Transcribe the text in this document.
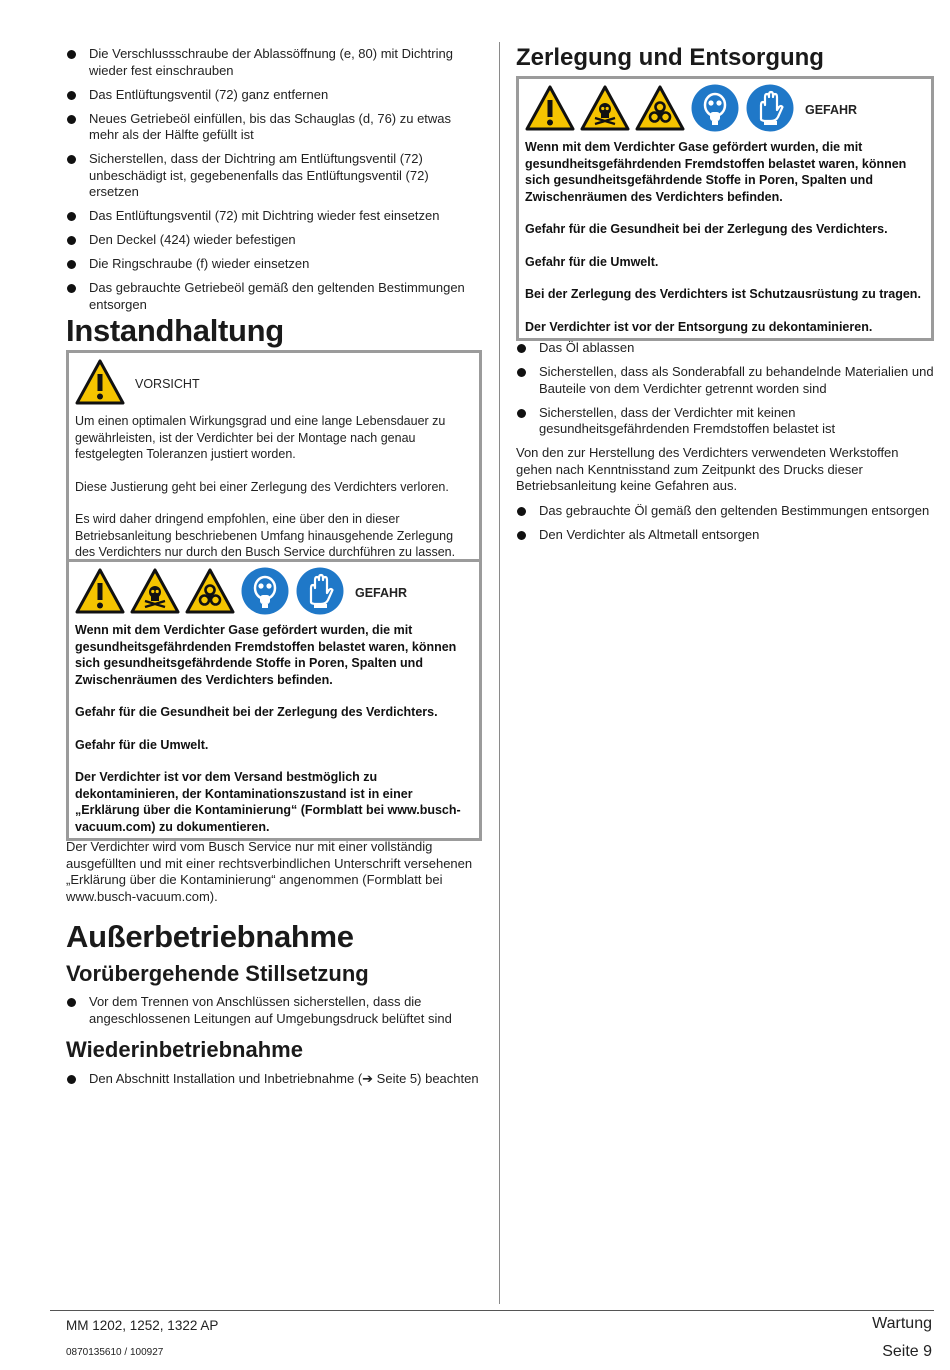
Die Verschlussschraube der Ablassöffnung (e, 80) mit Dichtring wieder fest einschrauben
Das Entlüftungsventil (72) ganz entfernen
Neues Getriebeöl einfüllen, bis das Schauglas (d, 76) zu etwas mehr als der Hälfte gefüllt ist
Sicherstellen, dass der Dichtring am Entlüftungsventil (72) unbeschädigt ist, gegebenenfalls das Entlüftungsventil (72) ersetzen
Das Entlüftungsventil (72) mit Dichtring wieder fest einsetzen
Den Deckel (424) wieder befestigen
Die Ringschraube (f) wieder einsetzen
Das gebrauchte Getriebeöl gemäß den geltenden Bestimmungen entsorgen
Instandhaltung
VORSICHT

Um einen optimalen Wirkungsgrad und eine lange Lebensdauer zu gewährleisten, ist der Verdichter bei der Montage nach genau festgelegten Toleranzen justiert worden.

Diese Justierung geht bei einer Zerlegung des Verdichters verloren.

Es wird daher dringend empfohlen, eine über den in dieser Betriebsanleitung beschriebenen Umfang hinausgehende Zerlegung des Verdichters nur durch den Busch Service durchführen zu lassen.

GEFAHR

Wenn mit dem Verdichter Gase gefördert wurden, die mit gesundheitsgefährdenden Fremdstoffen belastet waren, können sich gesundheitsgefährdende Stoffe in Poren, Spalten und Zwischenräumen des Verdichters befinden.

Gefahr für die Gesundheit bei der Zerlegung des Verdichters.

Gefahr für die Umwelt.

Der Verdichter ist vor dem Versand bestmöglich zu dekontaminieren, der Kontaminationszustand ist in einer „Erklärung über die Kontaminierung“ (Formblatt bei www.busch-vacuum.com) zu dokumentieren.

Der Verdichter wird vom Busch Service nur mit einer vollständig ausgefüllten und mit einer rechtsverbindlichen Unterschrift versehenen „Erklärung über die Kontaminierung“ angenommen (Formblatt bei www.busch-vacuum.com).

Außerbetriebnahme
Vorübergehende Stillsetzung
Vor dem Trennen von Anschlüssen sicherstellen, dass die angeschlossenen Leitungen auf Umgebungsdruck belüftet sind
Wiederinbetriebnahme
Den Abschnitt Installation und Inbetriebnahme (➔ Seite 5) beachten
Zerlegung und Entsorgung
GEFAHR

Wenn mit dem Verdichter Gase gefördert wurden, die mit gesundheitsgefährdenden Fremdstoffen belastet waren, können sich gesundheitsgefährdende Stoffe in Poren, Spalten und Zwischenräumen des Verdichters befinden.

Gefahr für die Gesundheit bei der Zerlegung des Verdichters.

Gefahr für die Umwelt.

Bei der Zerlegung des Verdichters ist Schutzausrüstung zu tragen.

Der Verdichter ist vor der Entsorgung zu dekontaminieren.

Das Öl ablassen
Sicherstellen, dass als Sonderabfall zu behandelnde Materialien und Bauteile von dem Verdichter getrennt worden sind
Sicherstellen, dass der Verdichter mit keinen gesundheitsgefährdenden Fremdstoffen belastet ist

Von den zur Herstellung des Verdichters verwendeten Werkstoffen gehen nach Kenntnisstand zum Zeitpunkt des Drucks dieser Betriebsanleitung keine Gefahren aus.

Das gebrauchte Öl gemäß den geltenden Bestimmungen entsorgen
Den Verdichter als Altmetall entsorgen
MM 1202, 1252, 1322 AP
0870135610 / 100927
Wartung
Seite 9
